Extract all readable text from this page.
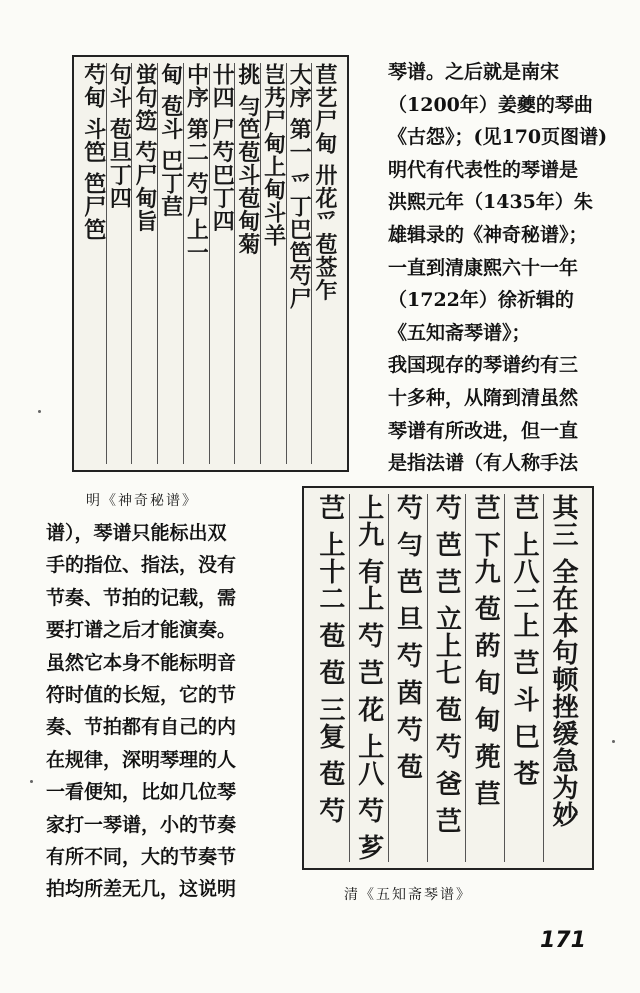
苣艺尸甸 卅花爫苞莶乍
大序 第一 爫丁巴笆芍尸
岂艿尸甸上甸斗羊
挑 勻笆苞斗苞甸菊
卄四 尸芍巴丁四
中序 第二 芍尸上一
甸 苞斗 巴丁苣
蛍句笾 芍尸甸旨
句斗 苞旦丁四
芍甸 斗笆 笆尸笆
明《神奇秘谱》
琴谱。之后就是南宋
（1200年）姜夔的琴曲
《古怨》；(见170页图谱)
明代有代表性的琴谱是
洪熙元年（1435年）朱
雄辑录的《神奇秘谱》；
一直到清康熙六十一年
（1722年）徐祈辑的
《五知斋琴谱》；
我国现存的琴谱约有三
十多种，从隋到清虽然
琴谱有所改进，但一直
是指法谱（有人称手法
其三 全在本句顿挫缓急为妙
芑 上八二上 芑 斗 巳 苍
芑 下九 苞 菂 旬 甸 蔸 苣
芍 芭 芑 立上七 苞 芍 爸 芑
芍 勻 芭 旦 芍 茵 芍 苞
上九 有上 芍 芑 花 上八 芍 芗
芑 上十二 苞 苞 三复 苞 芍
清《五知斋琴谱》
谱），琴谱只能标出双
手的指位、指法，没有
节奏、节拍的记载，需
要打谱之后才能演奏。
虽然它本身不能标明音
符时值的长短，它的节
奏、节拍都有自己的内
在规律，深明琴理的人
一看便知，比如几位琴
家打一琴谱，小的节奏
有所不同，大的节奏节
拍均所差无几，这说明
171
